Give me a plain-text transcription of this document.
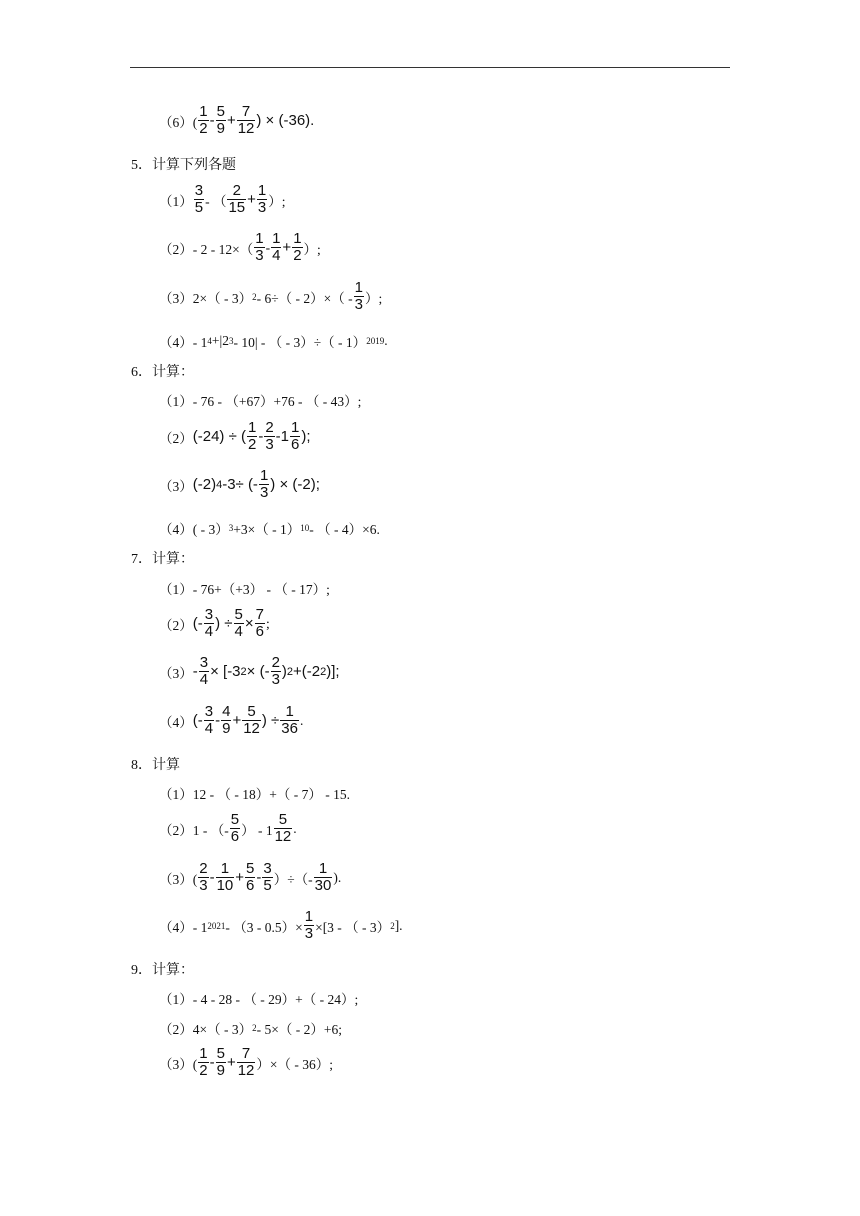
$(6)( \frac{1}{2} - \frac{5}{9} + \frac{7}{12}$ ) × (-36).
5．计算下列各题
$(1) \frac{3}{5}$ - （ $\frac{2}{15} + \frac{1}{3}$ ）;
（2）- $2 - 12\times( \frac{1}{3} - \frac{1}{4} + \frac{1}{2}$ ）;
（3）2×（ - 3） $2 - 6\div( - 2)\times( - \frac{1}{3}$ ）;
（4）- 1 4 +|2 3 - 10| - （ - 3）÷（ - 1） 2019 .
6．计算：
（1）- 76 - （+67）+76 - （ - 43）;
（2） (-24) ÷ ( $\frac{1}{2} - \frac{2}{3} -1 \frac{1}{6}$ );
（3） (-2) 4 -3÷ (- $\frac{1}{3}$ ) × (-2);
（4）( - 3） 3 +3×（ - 1） 10 - （ - 4）×6.
7．计算：
（1）- 76+（+3） - （ - 17）;
（2） (- $\frac{3}{4}$ ) ÷ $\frac{5}{4} \times \frac{7}{6}$ ;
$(3) - \frac{3}{4} \times [-3$ 2 × (- $\frac{2}{3}$ ) 2 +(-2 2 )];
（4） (- $\frac{3}{4} - \frac{4}{9} + \frac{5}{12}$ ) ÷ $\frac{1}{36}$ .
8．计算
（1）12 - （ - 18）+（ - 7） - 15.
（2）1 - （- $\frac{5}{6}$ ） - $1 \frac{5}{12}$ .
$(3)( \frac{2}{3} - \frac{1}{10} + \frac{5}{6} - \frac{3}{5}$ ）÷（- $\frac{1}{30}$ ).
（4）- 1 $2021 - (3 - 0.5)\times \frac{1}{3} \times[3$ - （ - 3） 2 ].
9．计算：
（1）- 4 - 28 - （ - 29）+（ - 24）;
（2）4×（ - 3） 2 - 5×（ - 2）+6;
$(3)( \frac{1}{2} - \frac{5}{9} + \frac{7}{12}$ ）×（ - 36）;
